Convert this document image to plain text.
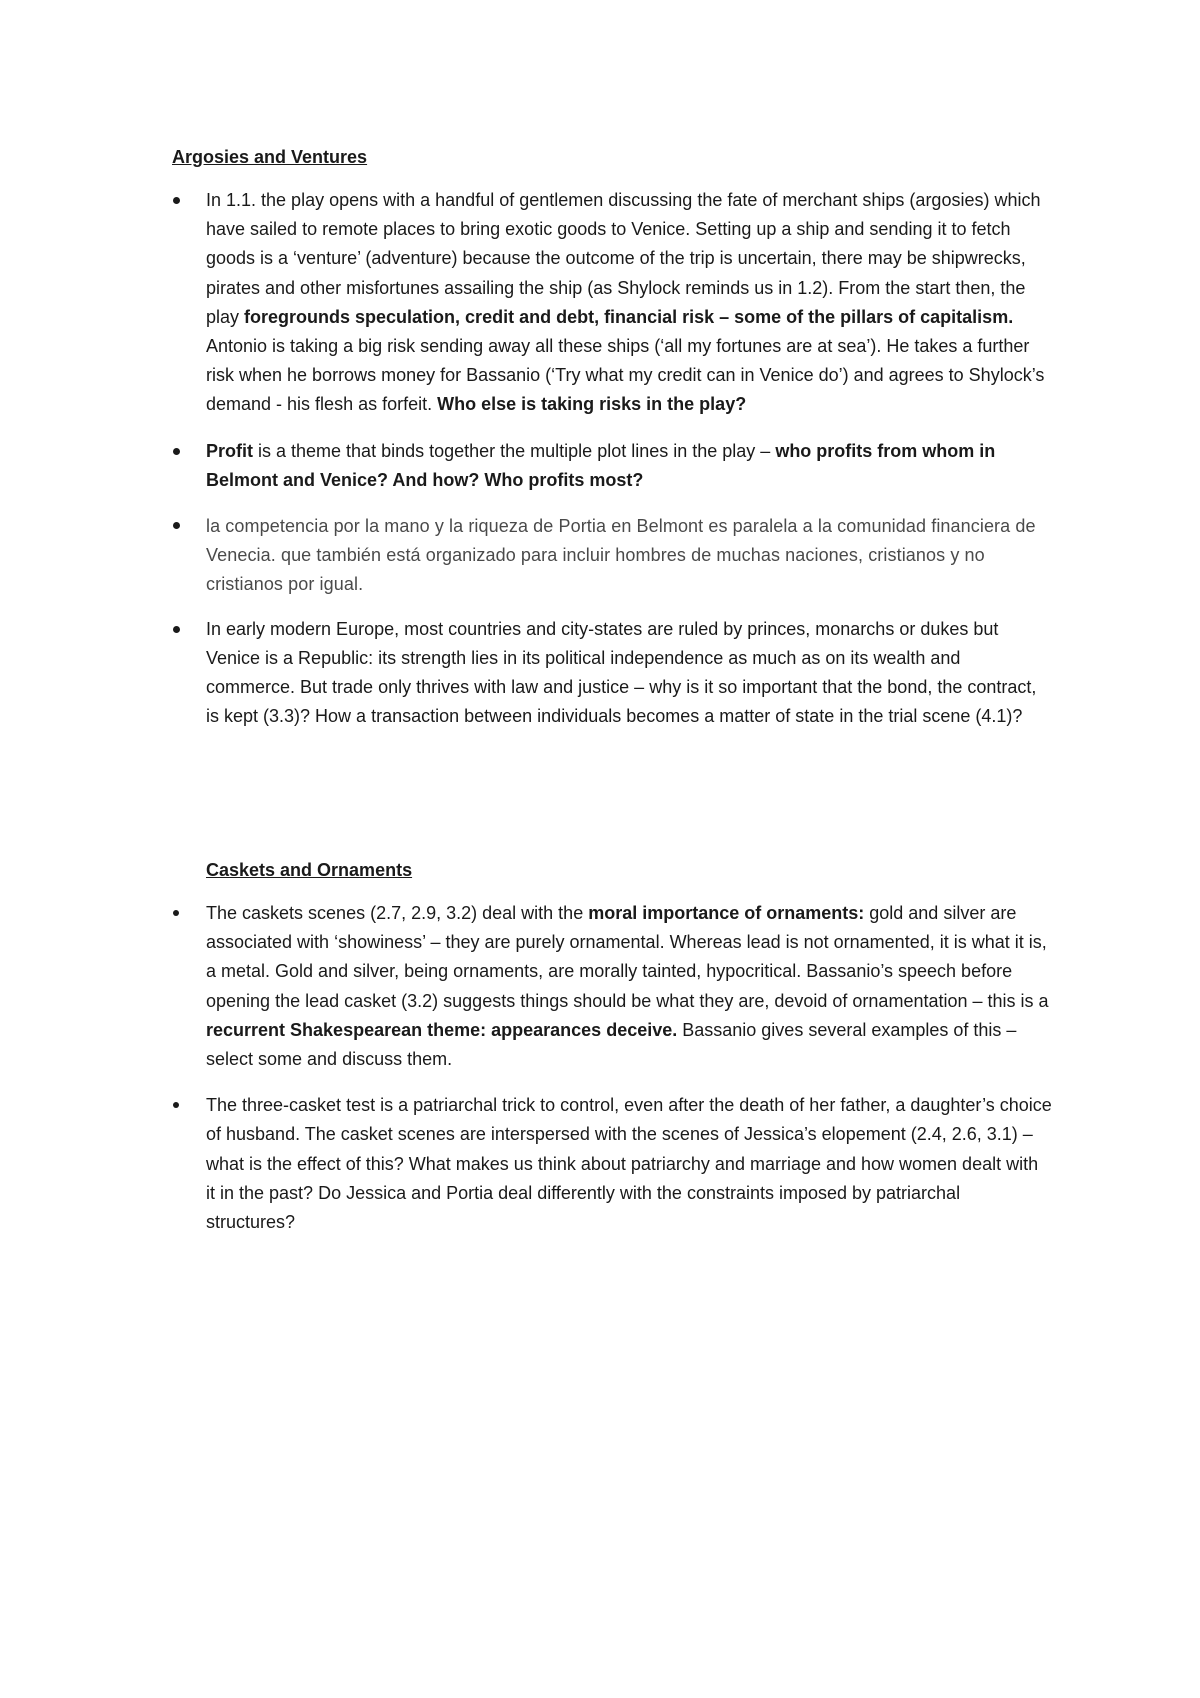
Argosies and Ventures

In 1.1. the play opens with a handful of gentlemen discussing the fate of merchant ships (argosies) which have sailed to remote places to bring exotic goods to Venice. Setting up a ship and sending it to fetch goods is a ‘venture’ (adventure) because the outcome of the trip is uncertain, there may be shipwrecks, pirates and other misfortunes assailing the ship (as Shylock reminds us in 1.2). From the start then, the play foregrounds speculation, credit and debt, financial risk – some of the pillars of capitalism. Antonio is taking a big risk sending away all these ships (‘all my fortunes are at sea’). He takes a further risk when he borrows money for Bassanio (‘Try what my credit can in Venice do’) and agrees to Shylock’s demand - his flesh as forfeit. Who else is taking risks in the play?
Profit is a theme that binds together the multiple plot lines in the play – who profits from whom in Belmont and Venice? And how? Who profits most?
la competencia por la mano y la riqueza de Portia en Belmont es paralela a la comunidad financiera de Venecia. que también está organizado para incluir hombres de muchas naciones, cristianos y no cristianos por igual.
In early modern Europe, most countries and city-states are ruled by princes, monarchs or dukes but Venice is a Republic: its strength lies in its political independence as much as on its wealth and commerce. But trade only thrives with law and justice – why is it so important that the bond, the contract, is kept (3.3)? How a transaction between individuals becomes a matter of state in the trial scene (4.1)?

Caskets and Ornaments

The caskets scenes (2.7, 2.9, 3.2) deal with the moral importance of ornaments: gold and silver are associated with ‘showiness’ – they are purely ornamental. Whereas lead is not ornamented, it is what it is, a metal. Gold and silver, being ornaments, are morally tainted, hypocritical. Bassanio’s speech before opening the lead casket (3.2) suggests things should be what they are, devoid of ornamentation – this is a recurrent Shakespearean theme: appearances deceive. Bassanio gives several examples of this – select some and discuss them.
The three-casket test is a patriarchal trick to control, even after the death of her father, a daughter’s choice of husband. The casket scenes are interspersed with the scenes of Jessica’s elopement (2.4, 2.6, 3.1) – what is the effect of this? What makes us think about patriarchy and marriage and how women dealt with it in the past? Do Jessica and Portia deal differently with the constraints imposed by patriarchal structures?
